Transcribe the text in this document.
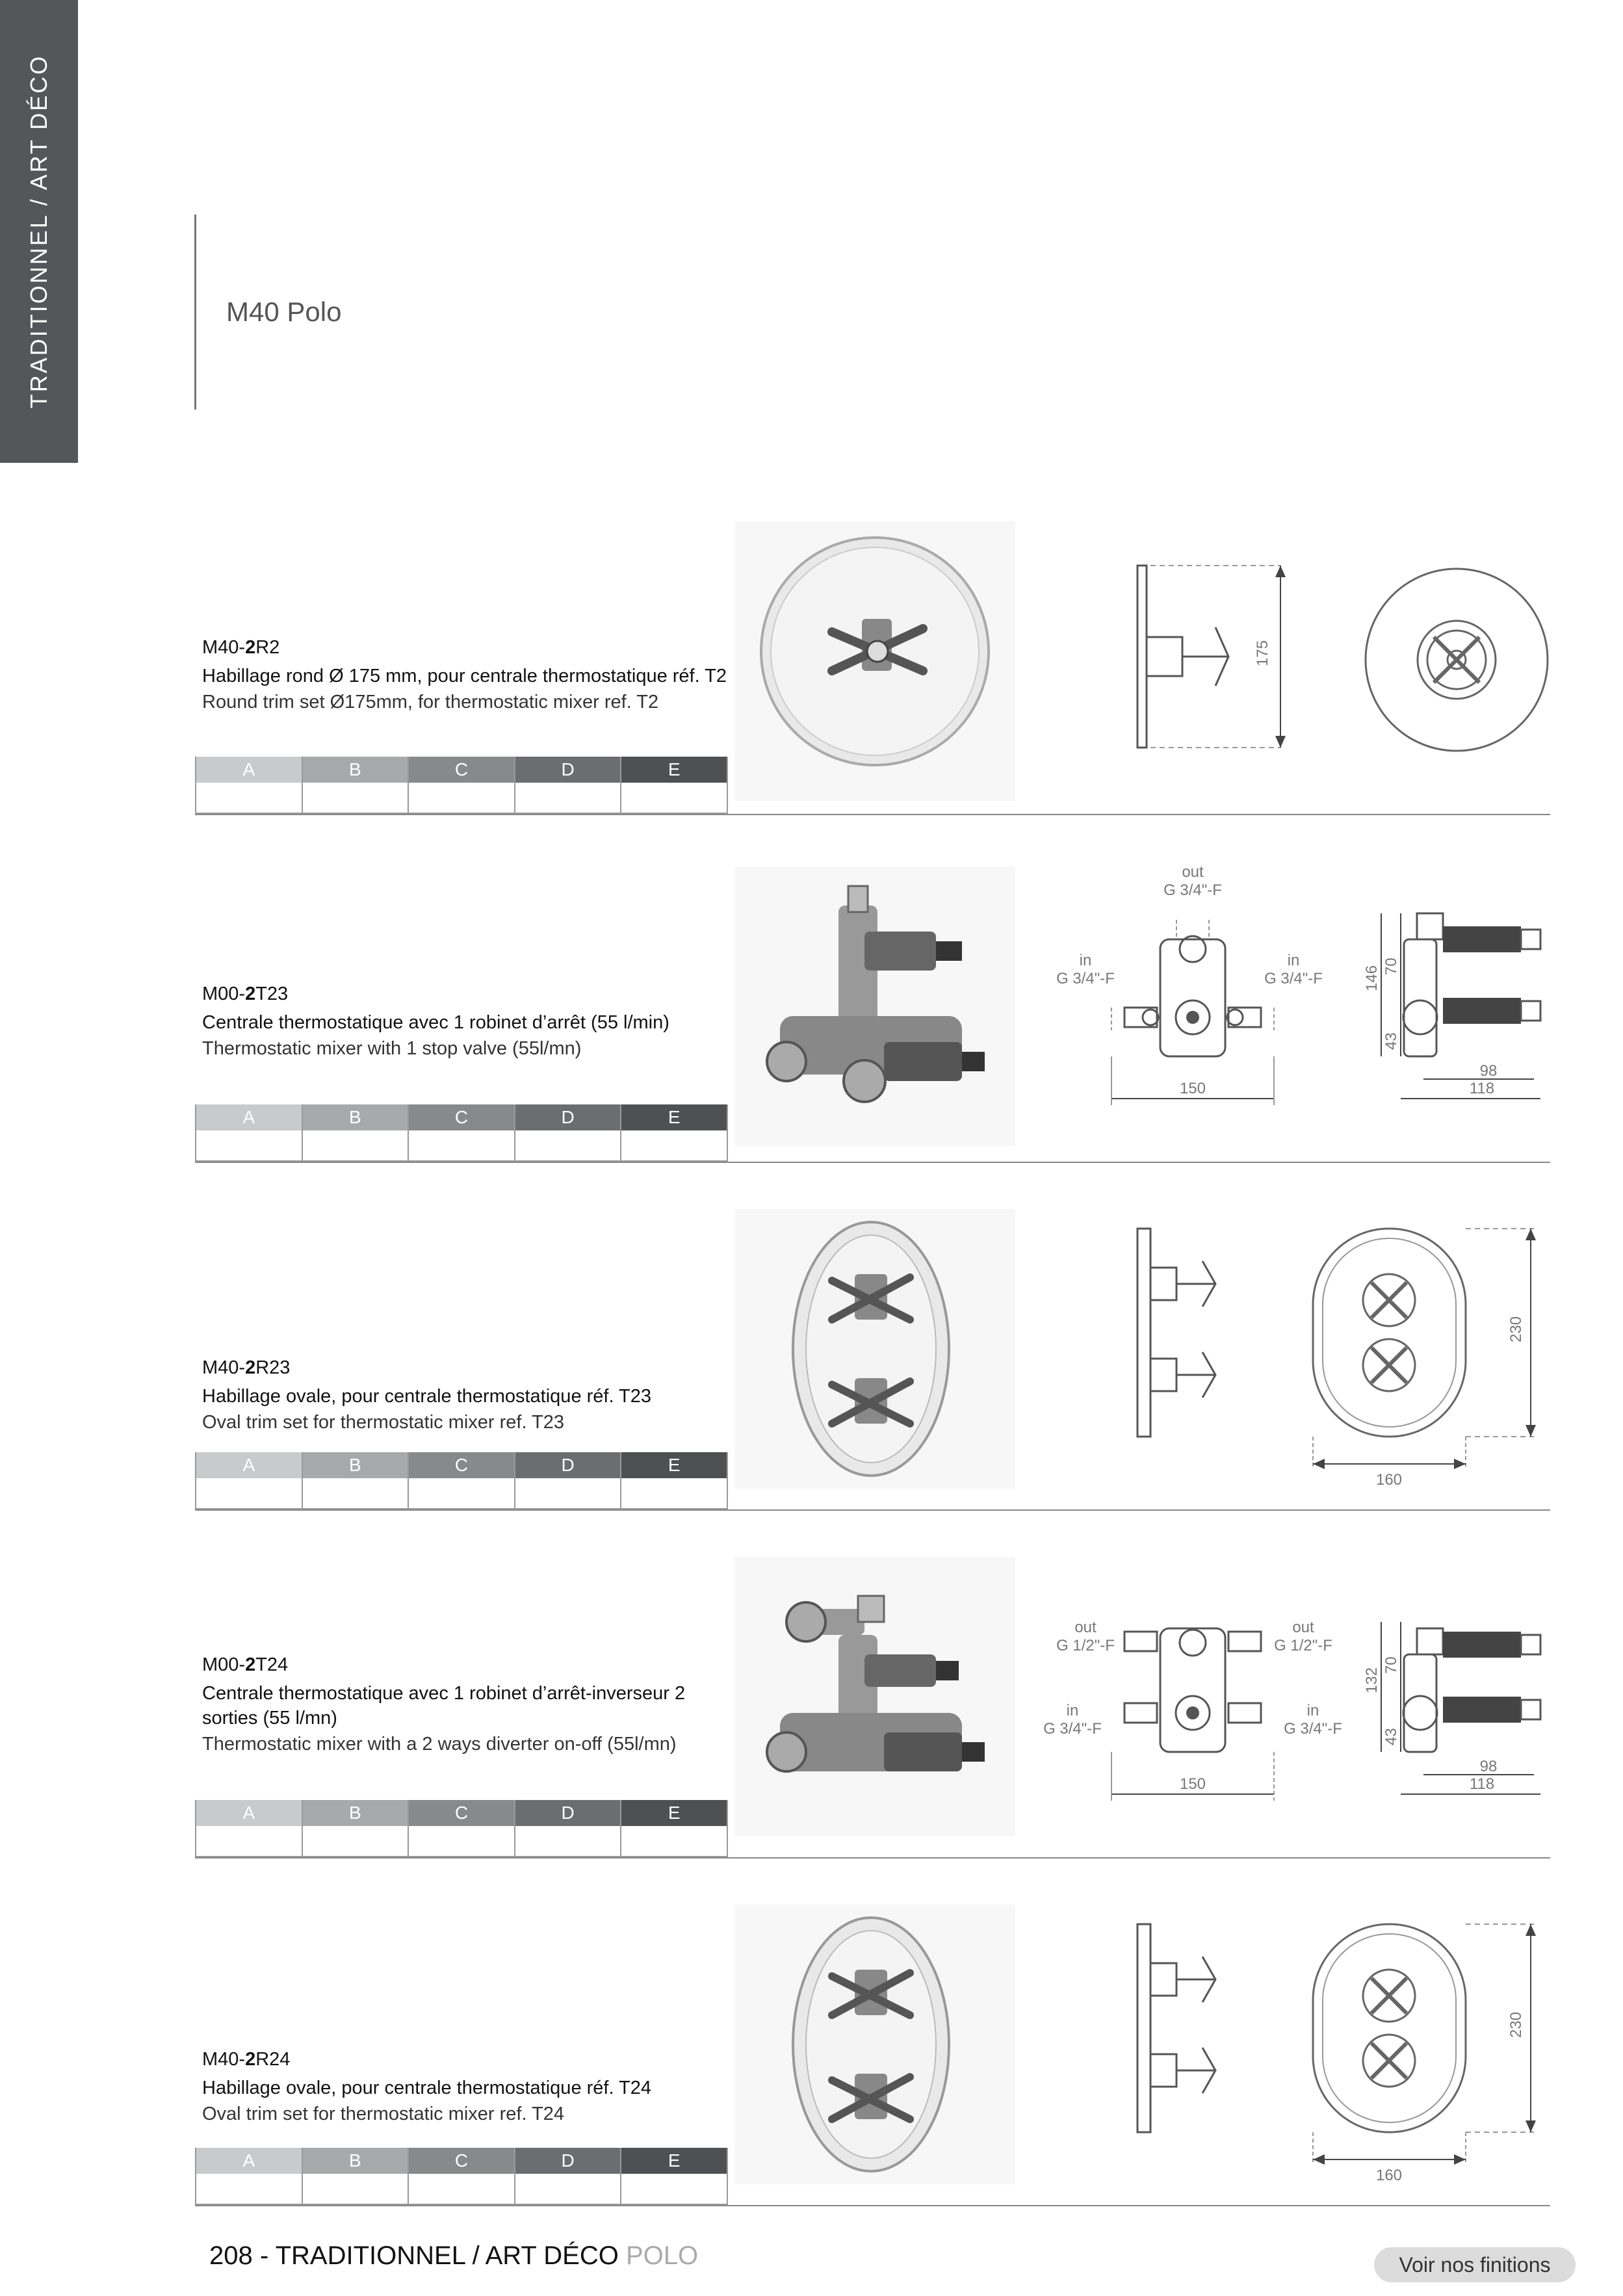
TRADITIONNEL / ART DÉCO	M40 Polo
M40-2R2
Habillage rond Ø 175 mm, pour centrale thermostatique réf. T2
Round trim set Ø175mm, for thermostatic mixer ref. T2
A	B	C	D	E

175
M00-2T23
Centrale thermostatique avec 1 robinet d’arrêt (55 l/min)
Thermostatic mixer with 1 stop valve (55l/mn)
A	B	C	D	E

out
G 3/4"-F
in
G 3/4"-F
in
G 3/4"-F
150
146 70
43
98
118
M40-2R23
Habillage ovale, pour centrale thermostatique réf. T23
Oval trim set for thermostatic mixer ref. T23
A	B	C	D	E

230
160
M00-2T24
Centrale thermostatique avec 1 robinet d’arrêt-inverseur 2 sorties (55 l/mn)
Thermostatic mixer with a 2 ways diverter on-off (55l/mn)
A	B	C	D	E

out
G 1/2"-F
out
G 1/2"-F
in
G 3/4"-F
in
G 3/4"-F
150
132
70
43
98
118
M40-2R24
Habillage ovale, pour centrale thermostatique réf. T24
Oval trim set for thermostatic mixer ref. T24
A	B	C	D	E

230
160
208 - TRADITIONNEL / ART DÉCO POLO	Voir nos finitions
